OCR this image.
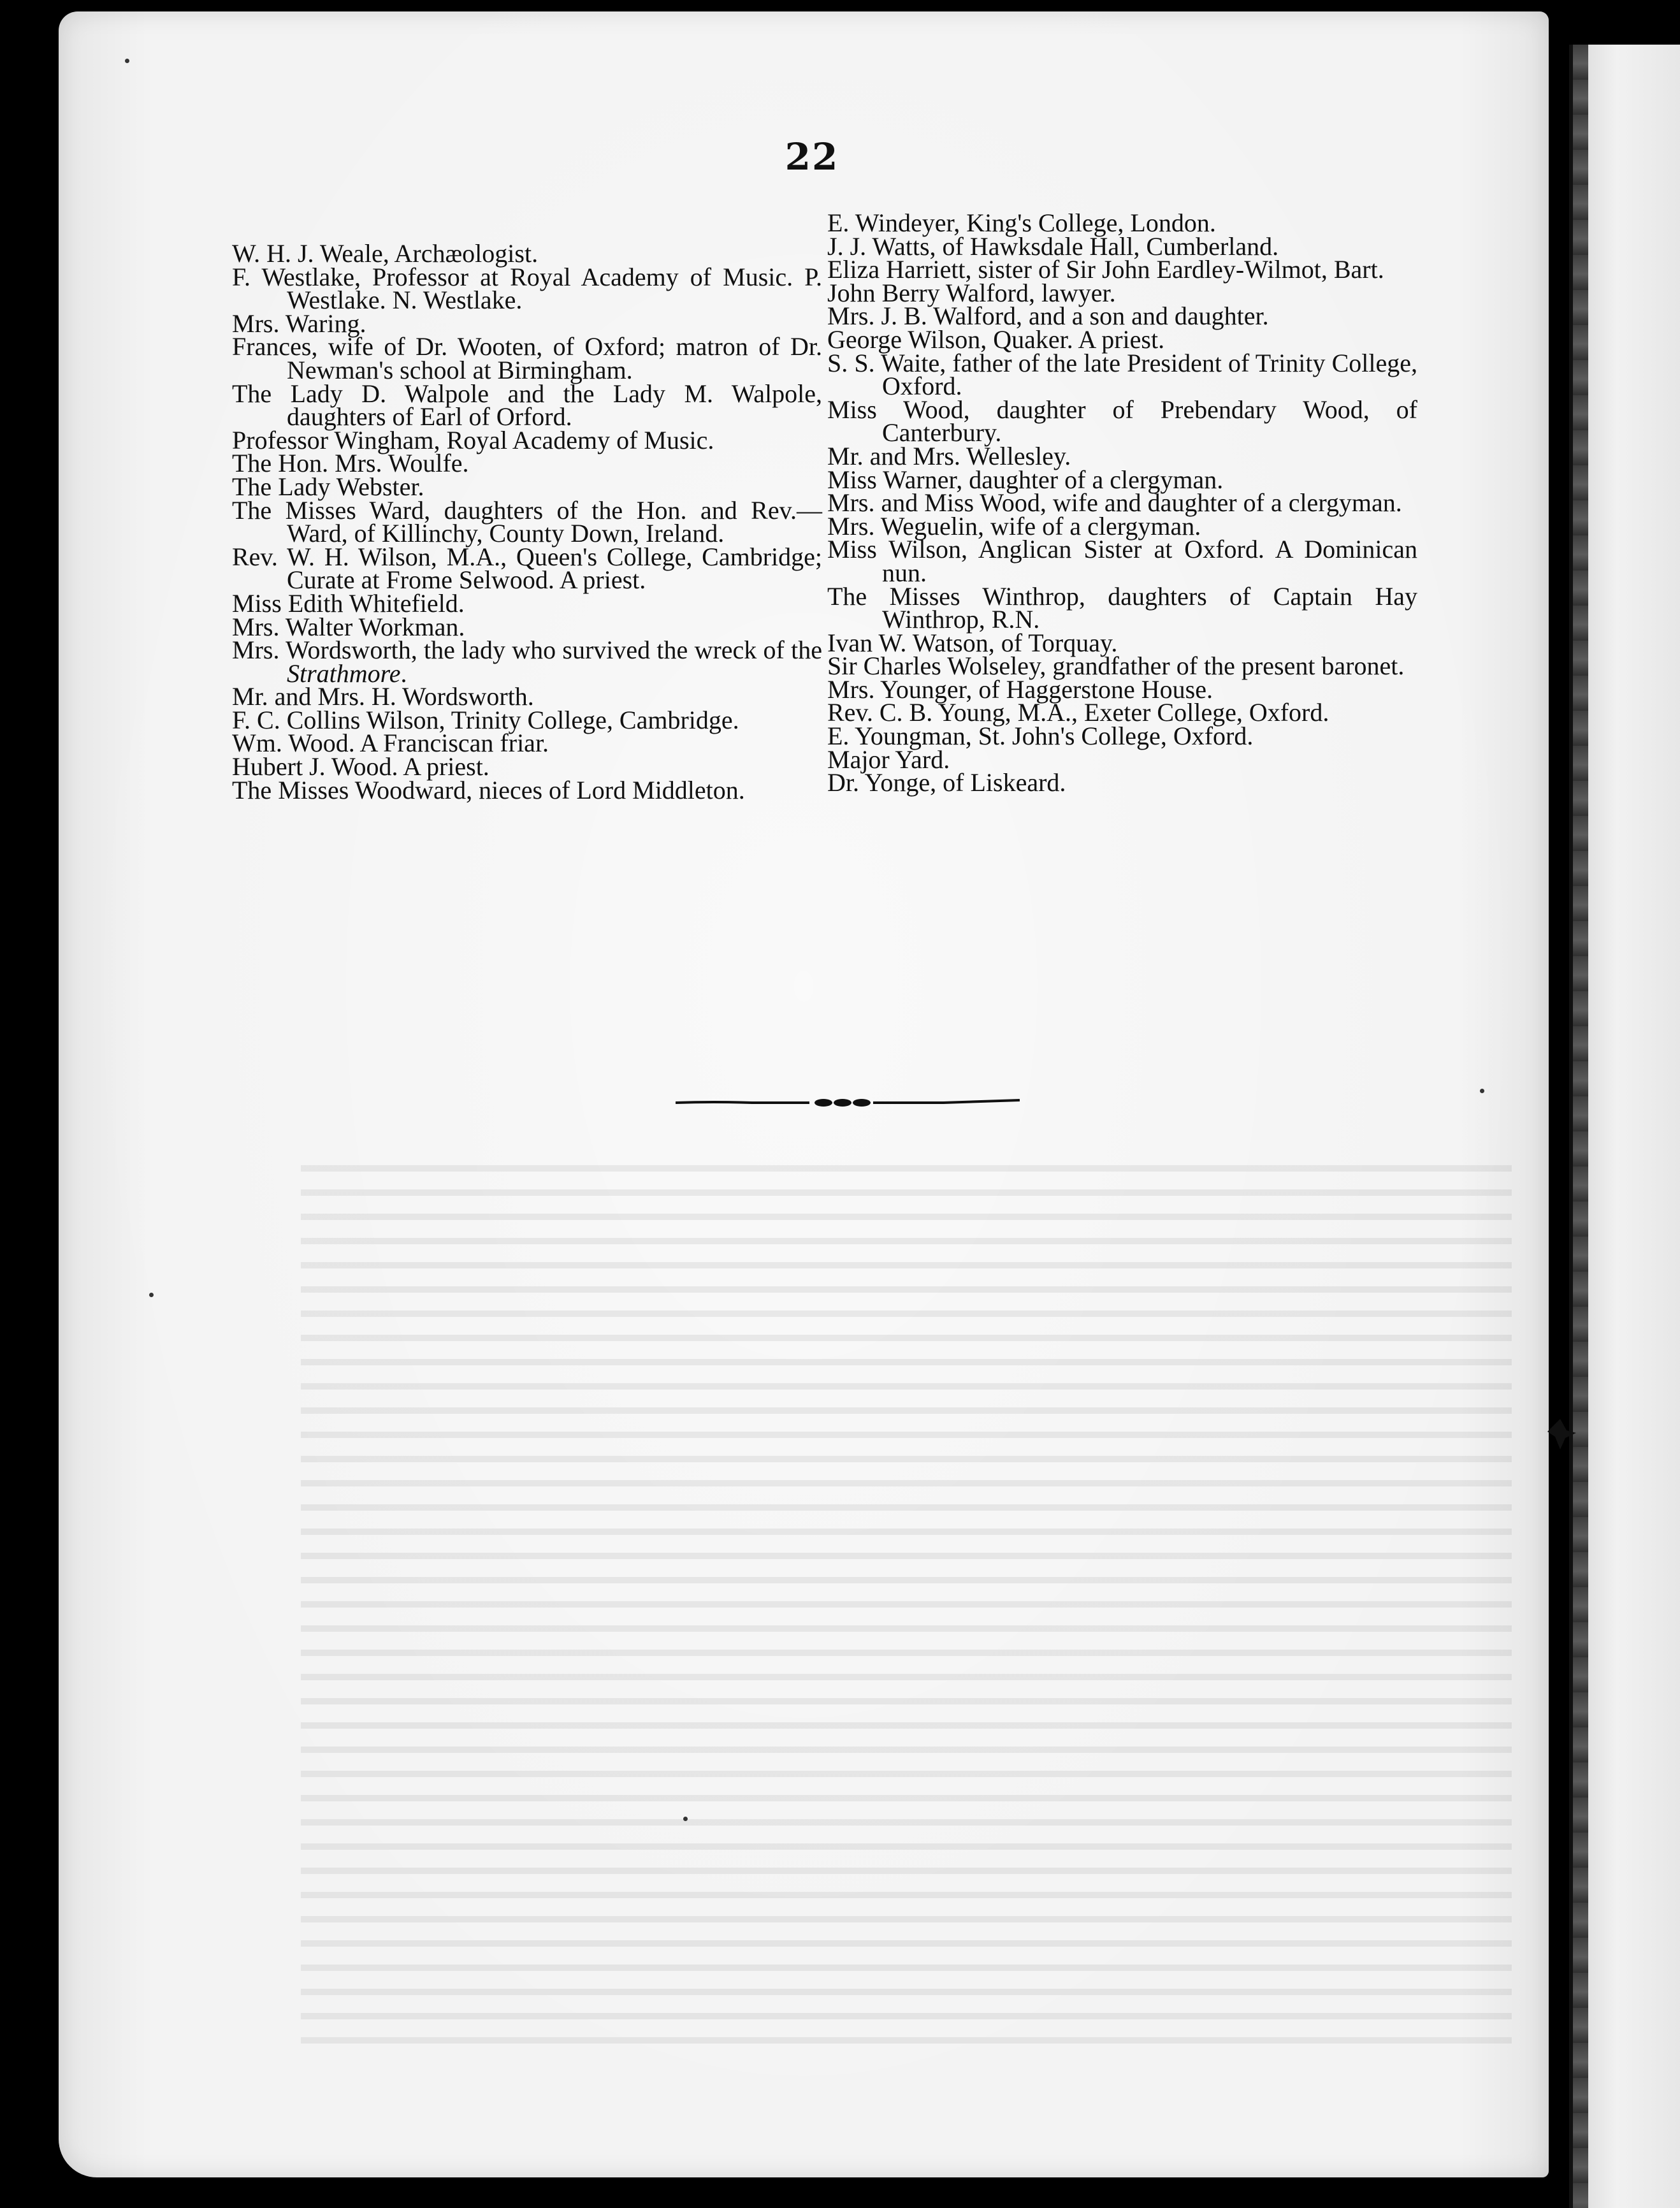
22

W. H. J. Weale, Archæologist.

F. Westlake, Professor at Royal Academy of Music. P. Westlake. N. Westlake.

Mrs. Waring.

Frances, wife of Dr. Wooten, of Oxford; matron of Dr. Newman's school at Birmingham.

The Lady D. Walpole and the Lady M. Walpole, daughters of Earl of Orford.

Professor Wingham, Royal Academy of Music.

The Hon. Mrs. Woulfe.

The Lady Webster.

The Misses Ward, daughters of the Hon. and Rev.— Ward, of Killinchy, County Down, Ireland.

Rev. W. H. Wilson, M.A., Queen's College, Cambridge; Curate at Frome Selwood. A priest.

Miss Edith Whitefield.

Mrs. Walter Workman.

Mrs. Wordsworth, the lady who survived the wreck of the Strathmore.

Mr. and Mrs. H. Wordsworth.

F. C. Collins Wilson, Trinity College, Cambridge.

Wm. Wood. A Franciscan friar.

Hubert J. Wood. A priest.

The Misses Woodward, nieces of Lord Middleton.

E. Windeyer, King's College, London.

J. J. Watts, of Hawksdale Hall, Cumberland.

Eliza Harriett, sister of Sir John Eardley-Wilmot, Bart.

John Berry Walford, lawyer.

Mrs. J. B. Walford, and a son and daughter.

George Wilson, Quaker. A priest.

S. S. Waite, father of the late President of Trinity College, Oxford.

Miss Wood, daughter of Prebendary Wood, of Canterbury.

Mr. and Mrs. Wellesley.

Miss Warner, daughter of a clergyman.

Mrs. and Miss Wood, wife and daughter of a clergyman.

Mrs. Weguelin, wife of a clergyman.

Miss Wilson, Anglican Sister at Oxford. A Dominican nun.

The Misses Winthrop, daughters of Captain Hay Winthrop, R.N.

Ivan W. Watson, of Torquay.

Sir Charles Wolseley, grandfather of the present baronet.

Mrs. Younger, of Haggerstone House.

Rev. C. B. Young, M.A., Exeter College, Oxford.

E. Youngman, St. John's College, Oxford.

Major Yard.

Dr. Yonge, of Liskeard.
